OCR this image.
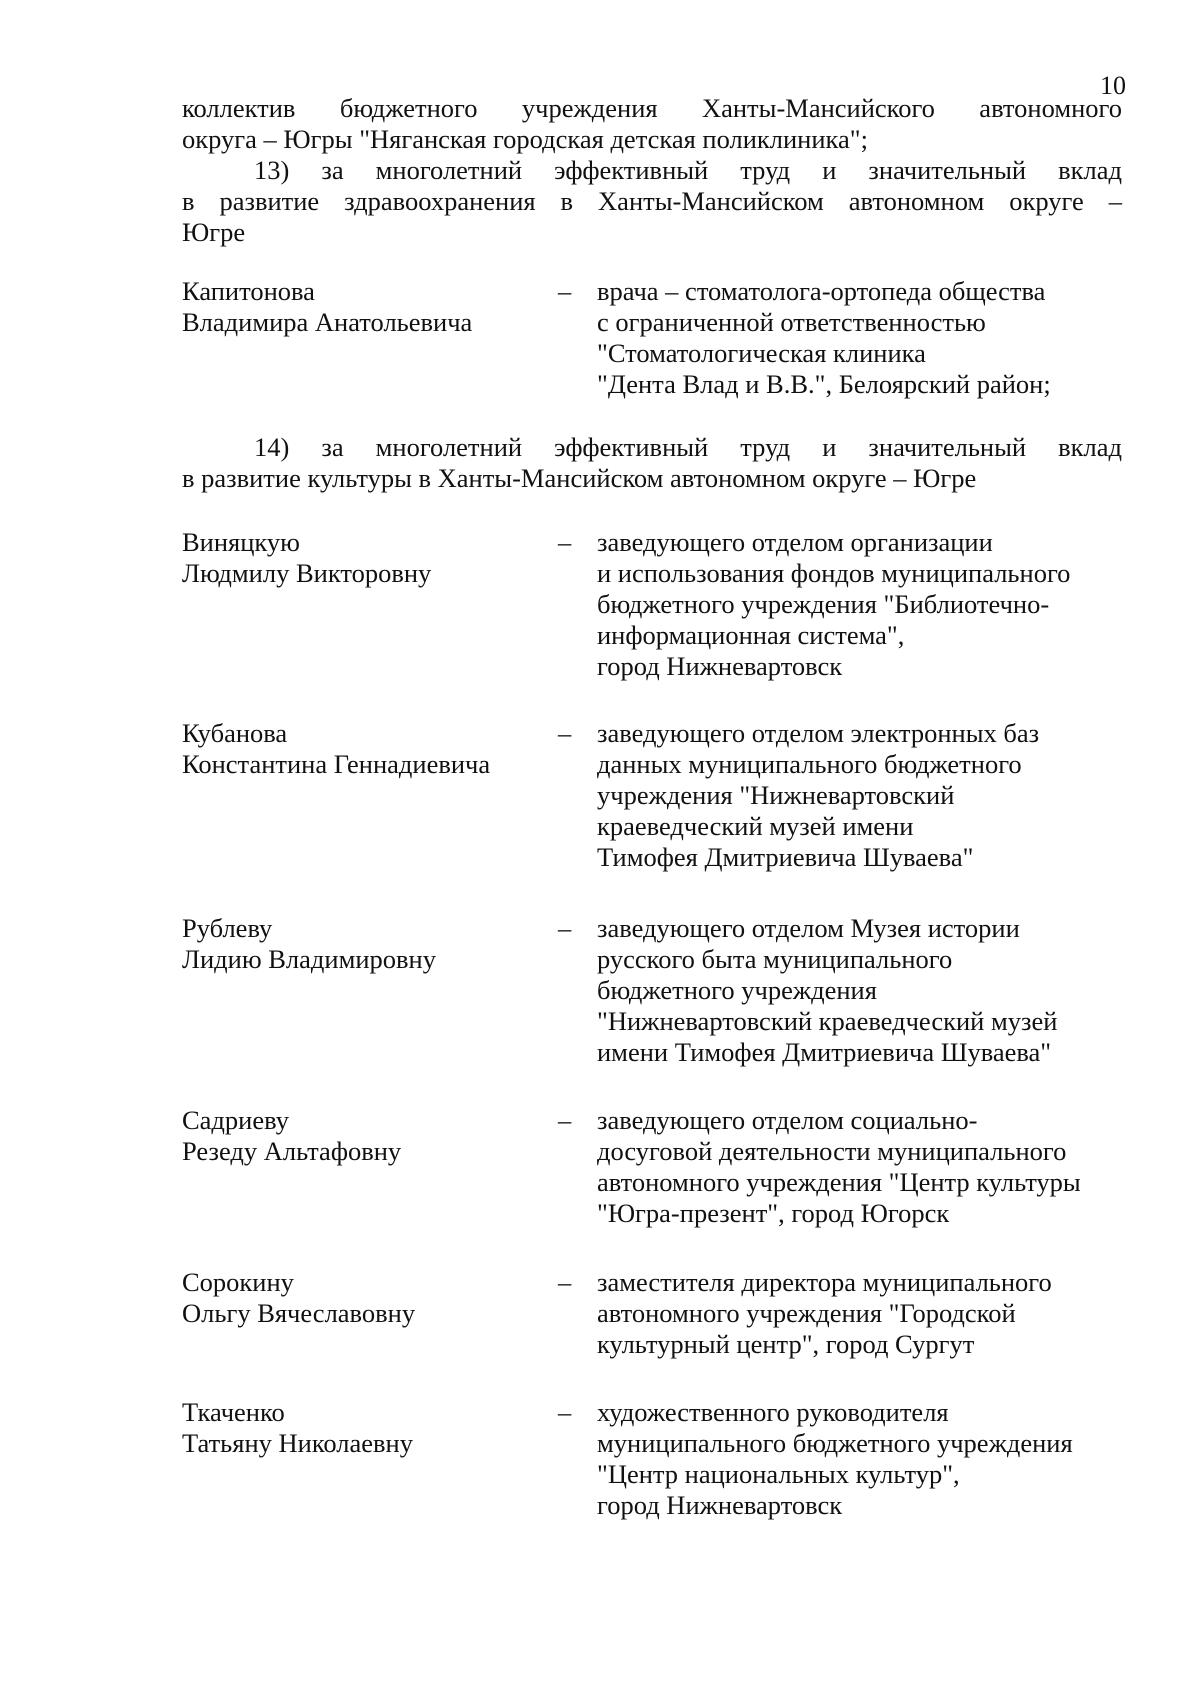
10
коллектив бюджетного учреждения Ханты-Мансийского автономного
округа – Югры "Няганская городская детская поликлиника";
13) за многолетний эффективный труд и значительный вклад
в развитие здравоохранения в Ханты-Мансийском автономном округе –
Югре
Капитонова
Владимира Анатольевича
– врача – стоматолога-ортопеда общества
с ограниченной ответственностью
"Стоматологическая клиника
"Дента Влад и В.В.", Белоярский район;
14) за многолетний эффективный труд и значительный вклад
в развитие культуры в Ханты-Мансийском автономном округе – Югре
Виняцкую
Людмилу Викторовну
– заведующего отделом организации
и использования фондов муниципального
бюджетного учреждения "Библиотечно-
информационная система",
город Нижневартовск
Кубанова
Константина Геннадиевича
– заведующего отделом электронных баз
данных муниципального бюджетного
учреждения "Нижневартовский
краеведческий музей имени
Тимофея Дмитриевича Шуваева"
Рублеву
Лидию Владимировну
– заведующего отделом Музея истории
русского быта муниципального
бюджетного учреждения
"Нижневартовский краеведческий музей
имени Тимофея Дмитриевича Шуваева"
Садриеву
Резеду Альтафовну
– заведующего отделом социально-
досуговой деятельности муниципального
автономного учреждения "Центр культуры
"Югра-презент", город Югорск
Сорокину
Ольгу Вячеславовну
– заместителя директора муниципального
автономного учреждения "Городской
культурный центр", город Сургут
Ткаченко
Татьяну Николаевну
– художественного руководителя
муниципального бюджетного учреждения
"Центр национальных культур",
город Нижневартовск
